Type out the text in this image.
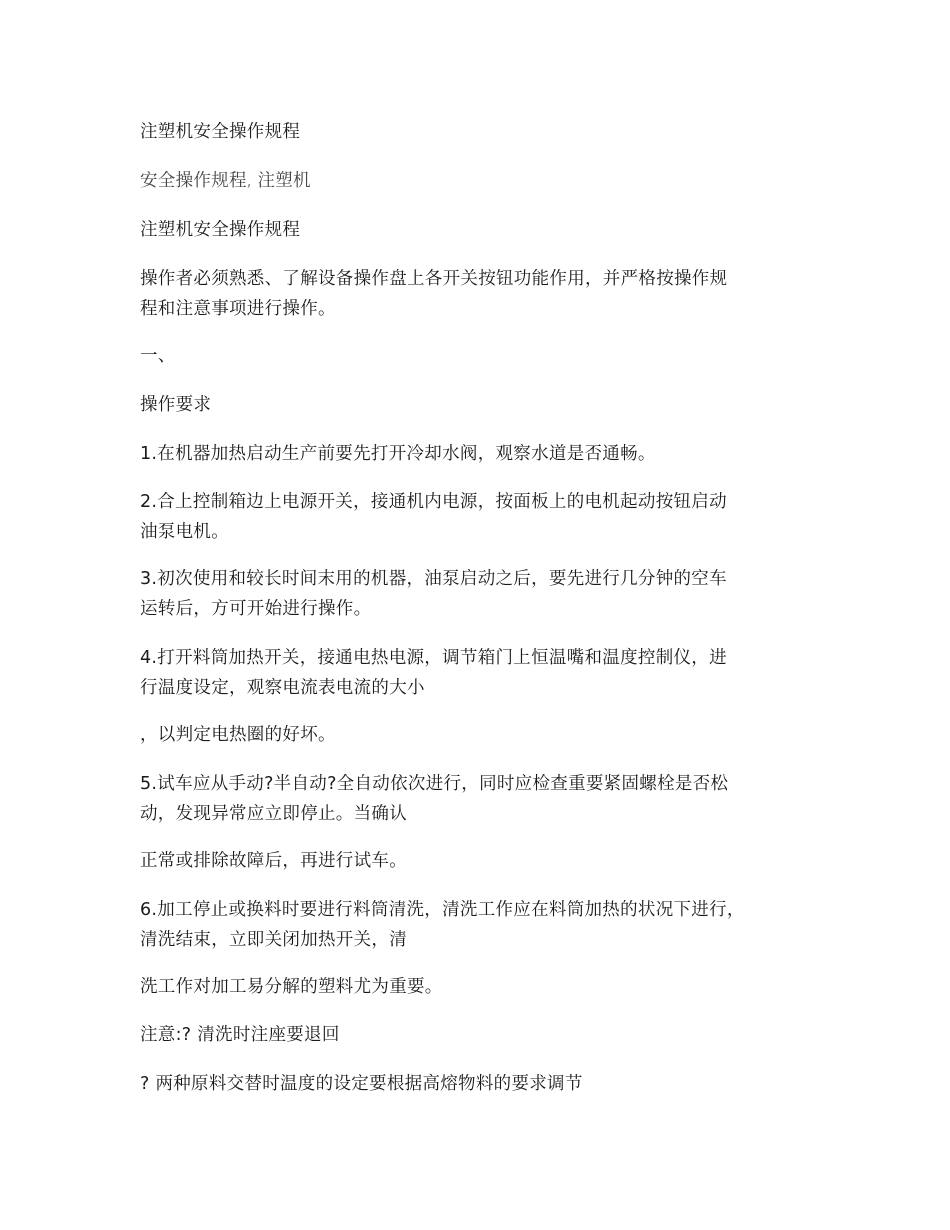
注塑机安全操作规程
安全操作规程, 注塑机
注塑机安全操作规程
操作者必须熟悉、了解设备操作盘上各开关按钮功能作用，并严格按操作规
程和注意事项进行操作。
一、
操作要求
1.在机器加热启动生产前要先打开冷却水阀，观察水道是否通畅。
2.合上控制箱边上电源开关，接通机内电源，按面板上的电机起动按钮启动
油泵电机。
3.初次使用和较长时间末用的机器，油泵启动之后，要先进行几分钟的空车
运转后，方可开始进行操作。
4.打开料筒加热开关，接通电热电源，调节箱门上恒温嘴和温度控制仪，进
行温度设定，观察电流表电流的大小
，以判定电热圈的好坏。
5.试车应从手动?半自动?全自动依次进行，同时应检查重要紧固螺栓是否松
动，发现异常应立即停止。当确认
正常或排除故障后，再进行试车。
6.加工停止或换料时要进行料筒清洗，清洗工作应在料筒加热的状况下进行，
清洗结束，立即关闭加热开关，清
洗工作对加工易分解的塑料尤为重要。
注意:? 清洗时注座要退回
? 两种原料交替时温度的设定要根据高熔物料的要求调节
